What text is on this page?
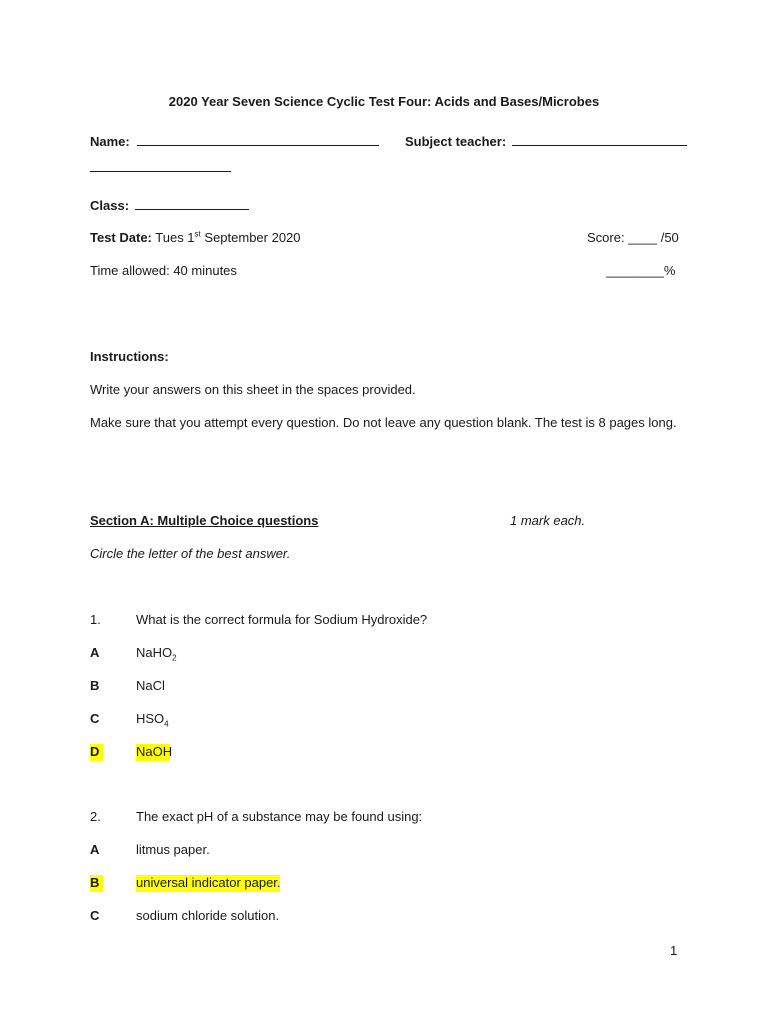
2020 Year Seven Science Cyclic Test Four: Acids and Bases/Microbes
Name:	Subject teacher:
Class:
Test Date: Tues 1st September 2020	Score: ____ /50
Time allowed: 40 minutes	________%
Instructions:
Write your answers on this sheet in the spaces provided.
Make sure that you attempt every question. Do not leave any question blank. The test is 8 pages long.
Section A: Multiple Choice questions	1 mark each.
Circle the letter of the best answer.
1.	What is the correct formula for Sodium Hydroxide?
A	NaHO$_2$
B	NaCl
C	$HSO_4$
D	NaOH
2.	The exact pH of a substance may be found using:
A	litmus paper.
B	universal indicator paper.
C	sodium chloride solution.
1
